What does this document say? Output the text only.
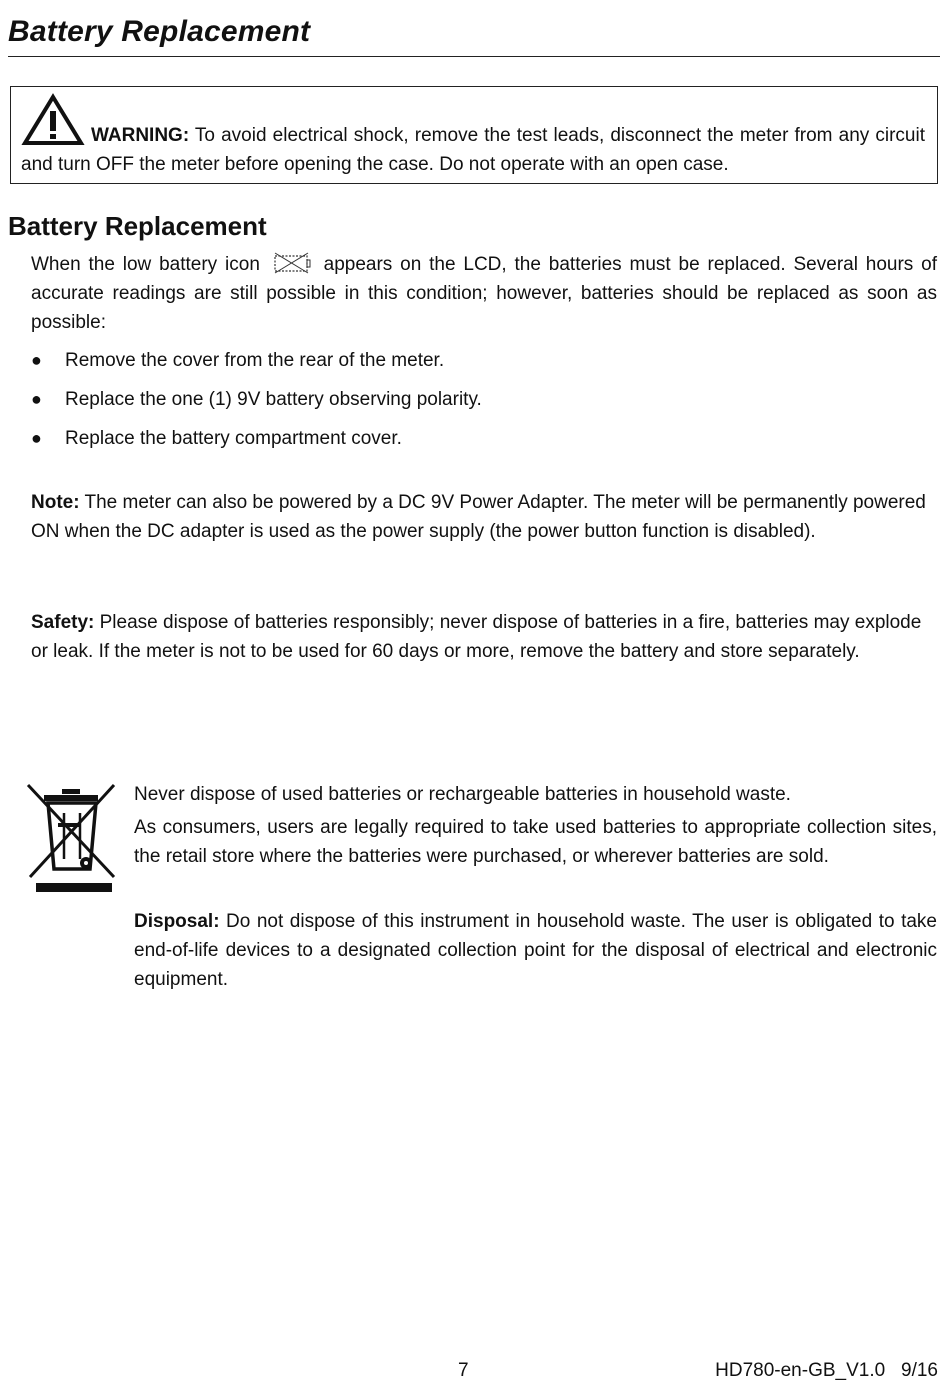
Battery Replacement
WARNING: To avoid electrical shock, remove the test leads, disconnect the meter from any circuit and turn OFF the meter before opening the case. Do not operate with an open case.
Battery Replacement
When the low battery icon	appears on the LCD, the batteries must be replaced. Several hours of accurate readings are still possible in this condition; however, batteries should be replaced as soon as possible:
● Remove the cover from the rear of the meter.
● Replace the one (1) 9V battery observing polarity.
● Replace the battery compartment cover.
Note: The meter can also be powered by a DC 9V Power Adapter. The meter will be permanently powered ON when the DC adapter is used as the power supply (the power button function is disabled).
Safety: Please dispose of batteries responsibly; never dispose of batteries in a fire, batteries may explode or leak. If the meter is not to be used for 60 days or more, remove the battery and store separately.

Never dispose of used batteries or rechargeable batteries in household waste.

As consumers, users are legally required to take used batteries to appropriate collection sites, the retail store where the batteries were purchased, or wherever batteries are sold.

Disposal: Do not dispose of this instrument in household waste. The user is obligated to take end-of-life devices to a designated collection point for the disposal of electrical and electronic equipment.

7	HD780-en-GB_V1.0   9/16
